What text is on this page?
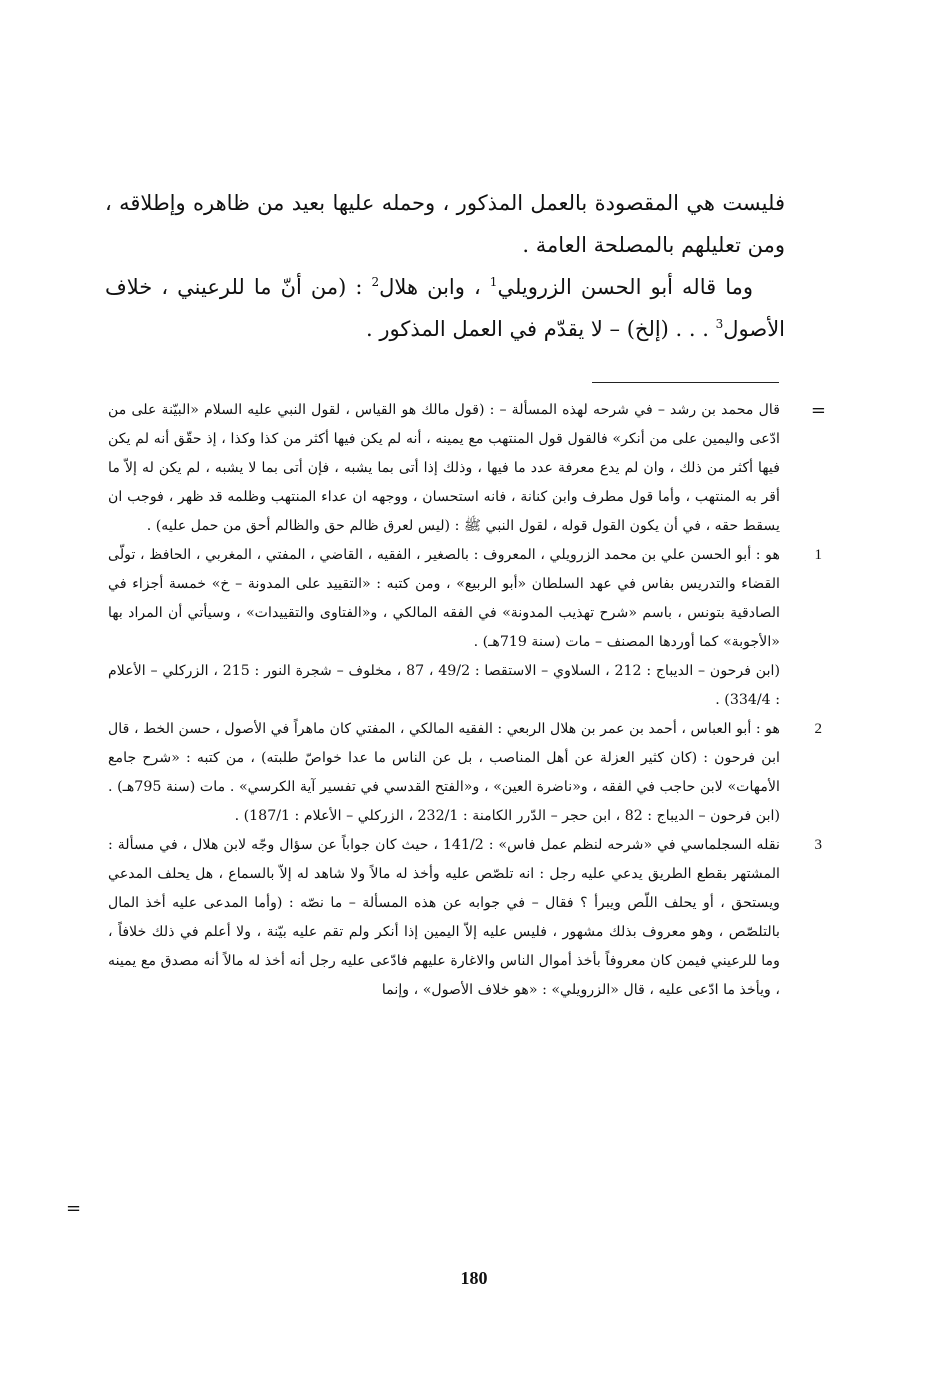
فليست هي المقصودة بالعمل المذكور ، وحمله عليها بعيد من ظاهره وإطلاقه ، ومن تعليلهم بالمصلحة العامة .

وما قاله أبو الحسن الزرويلي$^1$ ، وابن هلال$^2$ : (من أنّ ما للرعيني ، خلاف الأصول$^3$ . . . (إلخ) – لا يقدّم في العمل المذكور .

=
قال محمد بن رشد – في شرحه لهذه المسألة – : (قول مالك هو القياس ، لقول النبي عليه السلام «البيّنة على من ادّعى واليمين على من أنكر» فالقول قول المنتهب مع يمينه ، أنه لم يكن فيها أكثر من كذا وكذا ، إذ حقّق أنه لم يكن فيها أكثر من ذلك ، وان لم يدع معرفة عدد ما فيها ، وذلك إذا أتى بما يشبه ، فإن أتى بما لا يشبه ، لم يكن له إلاّ ما أقر به المنتهب ، وأما قول مطرف وابن كنانة ، فانه استحسان ، ووجهه ان عداء المنتهب وظلمه قد ظهر ، فوجب ان يسقط حقه ، في أن يكون القول قوله ، لقول النبي ﷺ : (ليس لعرق ظالم حق والظالم أحق من حمل عليه) .
1
هو : أبو الحسن علي بن محمد الزرويلي ، المعروف : بالصغير ، الفقيه ، القاضي ، المفتي ، المغربي ، الحافظ ، تولّى القضاء والتدريس بفاس في عهد السلطان «أبو الربيع» ، ومن كتبه : «التقييد على المدونة – خ» خمسة أجزاء في الصادقية بتونس ، باسم «شرح تهذيب المدونة» في الفقه المالكي ، و«الفتاوى والتقييدات» ، وسيأتي أن المراد بها «الأجوبة» كما أوردها المصنف – مات (سنة 719هـ) .
(ابن فرحون – الديباج : 212 ، السلاوي – الاستقصا : 49/2 ، 87 ، مخلوف – شجرة النور : 215 ، الزركلي – الأعلام : 334/4) .
2
هو : أبو العباس ، أحمد بن عمر بن هلال الربعي : الفقيه المالكي ، المفتي كان ماهراً في الأصول ، حسن الخط ، قال ابن فرحون : (كان كثير العزلة عن أهل المناصب ، بل عن الناس ما عدا خواصّ طلبته) ، من كتبه : «شرح جامع الأمهات» لابن حاجب في الفقه ، و«ناضرة العين» ، و«الفتح القدسي في تفسير آية الكرسي» . مات (سنة 795هـ) . (ابن فرحون – الديباج : 82 ، ابن حجر – الدّرر الكامنة : 232/1 ، الزركلي – الأعلام : 187/1) .
3
نقله السجلماسي في «شرحه لنظم عمل فاس» : 141/2 ، حيث كان جواباً عن سؤال وجّه لابن هلال ، في مسألة : المشتهر بقطع الطريق يدعي عليه رجل : انه تلصّص عليه وأخذ له مالاً ولا شاهد له إلاّ بالسماع ، هل يحلف المدعي ويستحق ، أو يحلف اللّص ويبرأ ؟ فقال – في جوابه عن هذه المسألة – ما نصّه : (وأما المدعى عليه أخذ المال بالتلصّص ، وهو معروف بذلك مشهور ، فليس عليه إلاّ اليمين إذا أنكر ولم تقم عليه بيّنة ، ولا أعلم في ذلك خلافاً ، وما للرعيني فيمن كان معروفاً بأخذ أموال الناس والاغارة عليهم فادّعى عليه رجل أنه أخذ له مالاً أنه مصدق مع يمينه ، ويأخذ ما ادّعى عليه ، قال «الزرويلي» : «هو خلاف الأصول» ، وإنما
=
180
